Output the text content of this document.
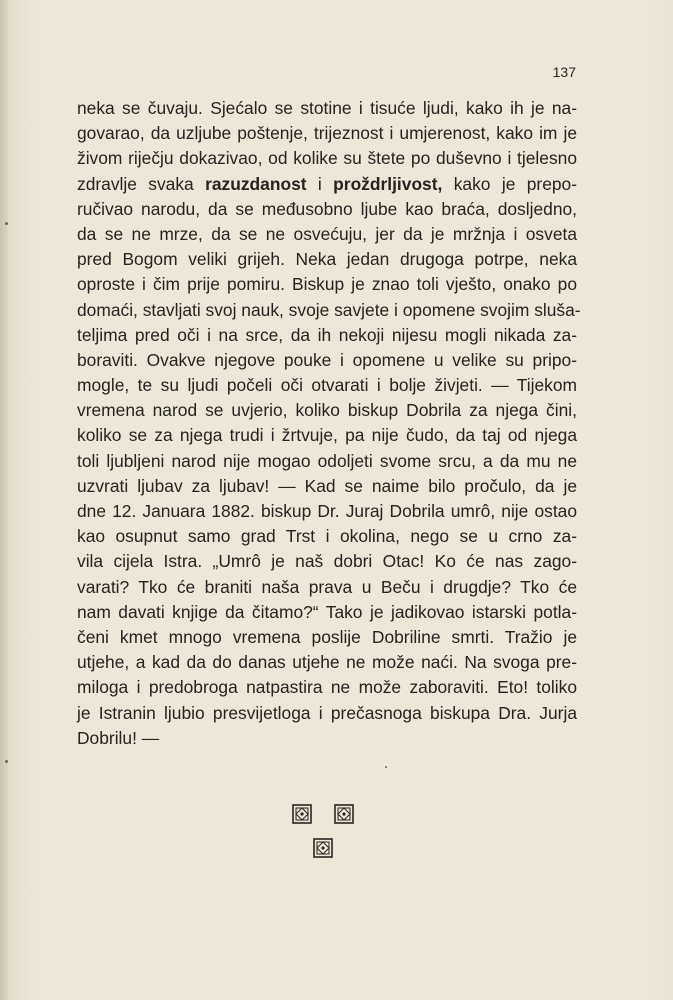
137
neka se čuvaju. Sjećalo se stotine i tisuće ljudi, kako ih je na-
govarao, da uzljube poštenje, trijeznost i umjerenost, kako im je
živom riječju dokazivao, od kolike su štete po duševno i tjelesno
zdravlje svaka razuzdanost i proždrljivost, kako je prepo-
ručivao narodu, da se međusobno ljube kao braća, dosljedno,
da se ne mrze, da se ne osvećuju, jer da je mržnja i osveta
pred Bogom veliki grijeh. Neka jedan drugoga potrpe, neka
oproste i čim prije pomiru. Biskup je znao toli vješto, onako po
domaći, stavljati svoj nauk, svoje savjete i opomene svojim sluša-
teljima pred oči i na srce, da ih nekoji nijesu mogli nikada za-
boraviti. Ovakve njegove pouke i opomene u velike su pripo-
mogle, te su ljudi počeli oči otvarati i bolje živjeti. — Tijekom
vremena narod se uvjerio, koliko biskup Dobrila za njega čini,
koliko se za njega trudi i žrtvuje, pa nije čudo, da taj od njega
toli ljubljeni narod nije mogao odoljeti svome srcu, a da mu ne
uzvrati ljubav za ljubav! — Kad se naime bilo pročulo, da je
dne 12. Januara 1882. biskup Dr. Juraj Dobrila umrô, nije ostao
kao osupnut samo grad Trst i okolina, nego se u crno za-
vila cijela Istra. „Umrô je naš dobri Otac! Ko će nas zago-
varati? Tko će braniti naša prava u Beču i drugdje? Tko će
nam davati knjige da čitamo?“ Tako je jadikovao istarski potla-
čeni kmet mnogo vremena poslije Dobriline smrti. Tražio je
utjehe, a kad da do danas utjehe ne može naći. Na svoga pre-
miloga i predobroga natpastira ne može zaboraviti. Eto! toliko
je Istranin ljubio presvijetloga i prečasnoga biskupa Dra. Jurja
Dobrilu! —
